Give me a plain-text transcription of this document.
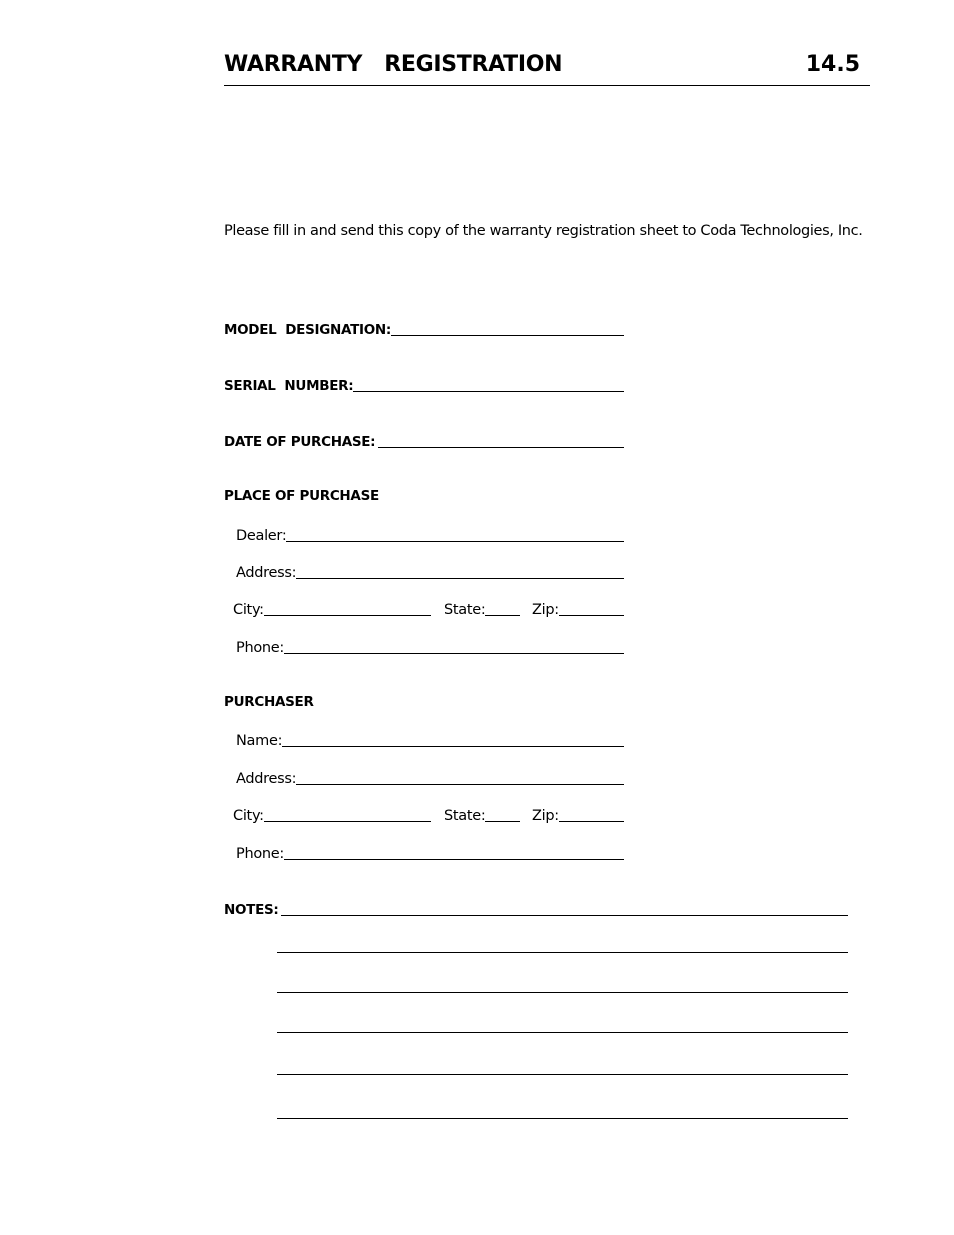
WARRANTY   REGISTRATION	14.5
Please fill in and send this copy of the warranty registration sheet to Coda Technologies, Inc.
MODEL  DESIGNATION:
SERIAL  NUMBER:
DATE OF PURCHASE:
PLACE OF PURCHASE
Dealer:
Address:
City:	State:	Zip:
Phone:
PURCHASER
Name:
Address:
City:	State:	Zip:
Phone:
NOTES:
